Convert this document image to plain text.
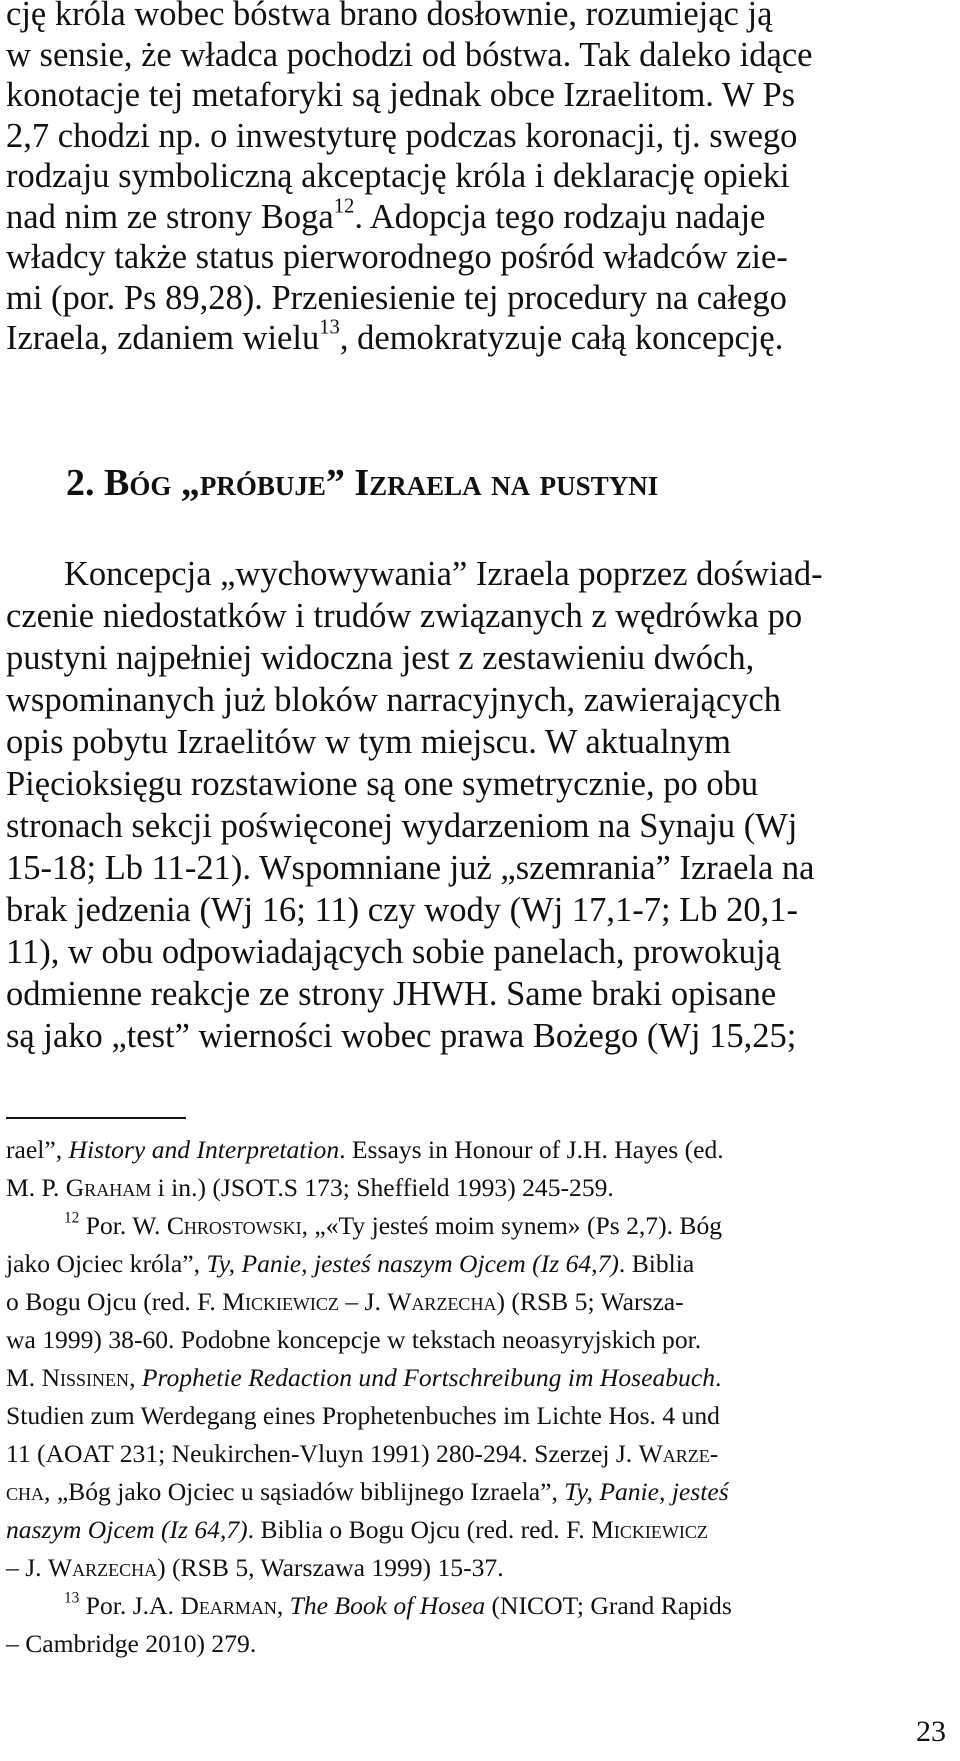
cję króla wobec bóstwa brano dosłownie, rozumiejąc ją
w sensie, że władca pochodzi od bóstwa. Tak daleko idące
konotacje tej metaforyki są jednak obce Izraelitom. W Ps
2,7 chodzi np. o inwestyturę podczas koronacji, tj. swego
rodzaju symboliczną akceptację króla i deklarację opieki
nad nim ze strony Boga$^{12}$. Adopcja tego rodzaju nadaje
władcy także status pierworodnego pośród władców zie-
mi (por. Ps 89,28). Przeniesienie tej procedury na całego
Izraela, zdaniem wielu$^{13}$, demokratyzuje całą koncepcję.
2. Bóg „próbuje” Izraela na pustyni
Koncepcja „wychowywania” Izraela poprzez doświad-
czenie niedostatków i trudów związanych z wędrówka po
pustyni najpełniej widoczna jest z zestawieniu dwóch,
wspominanych już bloków narracyjnych, zawierających
opis pobytu Izraelitów w tym miejscu. W aktualnym
Pięcioksięgu rozstawione są one symetrycznie, po obu
stronach sekcji poświęconej wydarzeniom na Synaju (Wj
15-18; Lb 11-21). Wspomniane już „szemrania” Izraela na
brak jedzenia (Wj 16; 11) czy wody (Wj 17,1-7; Lb 20,1-
11), w obu odpowiadających sobie panelach, prowokują
odmienne reakcje ze strony JHWH. Same braki opisane
są jako „test” wierności wobec prawa Bożego (Wj 15,25;
rael”, History and Interpretation. Essays in Honour of J.H. Hayes (ed.
M. P. Graham i in.) (JSOT.S 173; Sheffield 1993) 245-259.
$^{12}$ Por. W. Chrostowski, „«Ty jesteś moim synem» (Ps 2,7). Bóg
jako Ojciec króla”, Ty, Panie, jesteś naszym Ojcem (Iz 64,7). Biblia
o Bogu Ojcu (red. F. Mickiewicz – J. Warzecha) (RSB 5; Warsza-
wa 1999) 38-60. Podobne koncepcje w tekstach neoasyryjskich por.
M. Nissinen, Prophetie Redaction und Fortschreibung im Hoseabuch.
Studien zum Werdegang eines Prophetenbuches im Lichte Hos. 4 und
11 (AOAT 231; Neukirchen-Vluyn 1991) 280-294. Szerzej J. Warze-
cha, „Bóg jako Ojciec u sąsiadów biblijnego Izraela”, Ty, Panie, jesteś
naszym Ojcem (Iz 64,7). Biblia o Bogu Ojcu (red. red. F. Mickiewicz
– J. Warzecha) (RSB 5, Warszawa 1999) 15-37.
$^{13}$ Por. J.A. Dearman, The Book of Hosea (NICOT; Grand Rapids
– Cambridge 2010) 279.
23
